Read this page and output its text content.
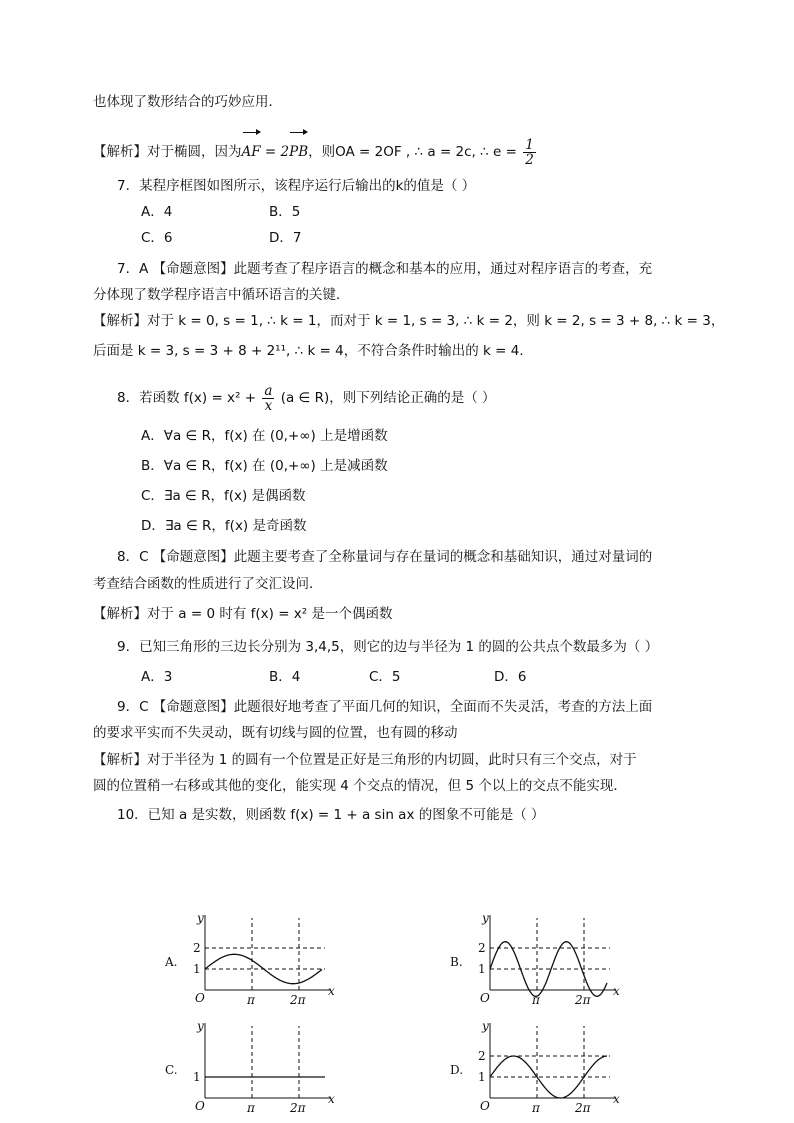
也体现了数形结合的巧妙应用．
【解析】对于椭圆，因为AF = 2PB，则OA = 2OF , ∴ a = 2c, ∴ $e = \frac{1}{2}$
7．某程序框图如图所示，该程序运行后输出的k的值是（ ）
A．4	B．5
C．6	D．7
7．A 【命题意图】此题考查了程序语言的概念和基本的应用，通过对程序语言的考查，充
分体现了数学程序语言中循环语言的关键．
【解析】对于 k = 0, s = 1, ∴ k = 1，而对于 k = 1, s = 3, ∴ k = 2，则 k = 2, s = 3 + 8, ∴ k = 3，
后面是 k = 3, s = 3 + 8 + 2¹¹, ∴ k = 4，不符合条件时输出的 k = 4．
8．若函数 $f(x) = x^2 + \frac{a}{x} (a$ ∈ R)，则下列结论正确的是（ ）
A．∀a ∈ R，f(x) 在 (0,+∞) 上是增函数
B．∀a ∈ R，f(x) 在 (0,+∞) 上是减函数
C．∃a ∈ R，f(x) 是偶函数
D．∃a ∈ R，f(x) 是奇函数
8．C 【命题意图】此题主要考查了全称量词与存在量词的概念和基础知识，通过对量词的
考查结合函数的性质进行了交汇设问．
【解析】对于 a = 0 时有 f(x) = x² 是一个偶函数
9．已知三角形的三边长分别为 3,4,5，则它的边与半径为 1 的圆的公共点个数最多为（ ）
A．3	B．4	C．5	D．6
9．C 【命题意图】此题很好地考查了平面几何的知识，全面而不失灵活，考查的方法上面
的要求平实而不失灵动，既有切线与圆的位置，也有圆的移动
【解析】对于半径为 1 的圆有一个位置是正好是三角形的内切圆，此时只有三个交点，对于
圆的位置稍一右移或其他的变化，能实现 4 个交点的情况，但 5 个以上的交点不能实现．
10．已知 a 是实数，则函数 f(x) = 1 + a sin ax 的图象不可能是（ ）
A.
y
x
O	π	2π
1
2
B.
y
x
O	π	2π
1
2
C.
y
x
O	π	2π
1	D.
y
x
O	π	2π
1
2
